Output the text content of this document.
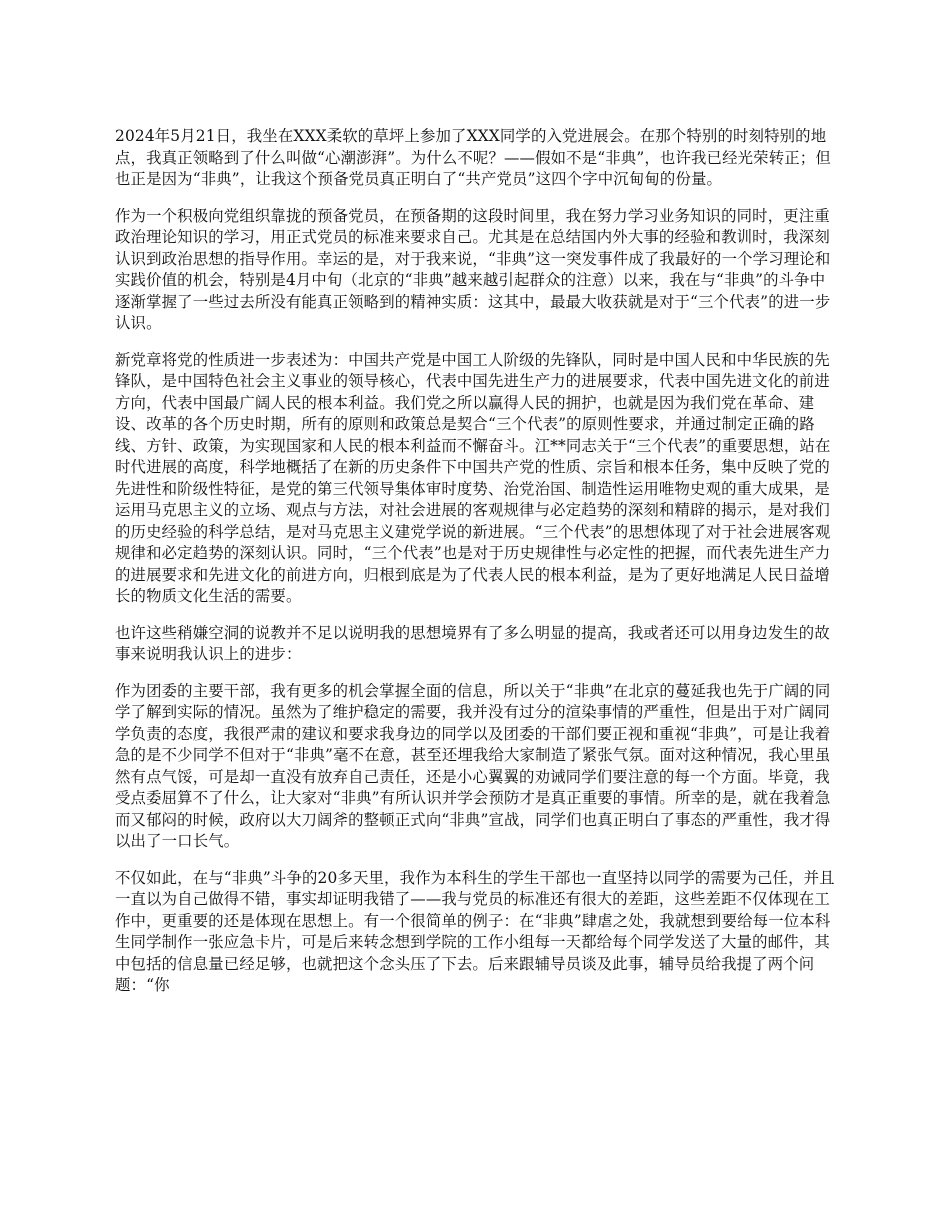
2024年5月21日，我坐在XXX柔软的草坪上参加了XXX同学的入党进展会。在那个特别的时刻特别的地点，我真正领略到了什么叫做“心潮澎湃”。为什么不呢？——假如不是“非典”，也许我已经光荣转正；但也正是因为“非典”，让我这个预备党员真正明白了“共产党员”这四个字中沉甸甸的份量。

作为一个积极向党组织靠拢的预备党员，在预备期的这段时间里，我在努力学习业务知识的同时，更注重政治理论知识的学习，用正式党员的标准来要求自己。尤其是在总结国内外大事的经验和教训时，我深刻认识到政治思想的指导作用。幸运的是，对于我来说，“非典”这一突发事件成了我最好的一个学习理论和实践价值的机会，特别是4月中旬（北京的“非典”越来越引起群众的注意）以来，我在与“非典”的斗争中逐渐掌握了一些过去所没有能真正领略到的精神实质：这其中，最最大收获就是对于“三个代表”的进一步认识。

新党章将党的性质进一步表述为：中国共产党是中国工人阶级的先锋队，同时是中国人民和中华民族的先锋队，是中国特色社会主义事业的领导核心，代表中国先进生产力的进展要求，代表中国先进文化的前进方向，代表中国最广阔人民的根本利益。我们党之所以赢得人民的拥护，也就是因为我们党在革命、建设、改革的各个历史时期，所有的原则和政策总是契合“三个代表”的原则性要求，并通过制定正确的路线、方针、政策，为实现国家和人民的根本利益而不懈奋斗。江**同志关于“三个代表”的重要思想，站在时代进展的高度，科学地概括了在新的历史条件下中国共产党的性质、宗旨和根本任务，集中反映了党的先进性和阶级性特征，是党的第三代领导集体审时度势、治党治国、制造性运用唯物史观的重大成果，是运用马克思主义的立场、观点与方法，对社会进展的客观规律与必定趋势的深刻和精辟的揭示，是对我们的历史经验的科学总结，是对马克思主义建党学说的新进展。“三个代表”的思想体现了对于社会进展客观规律和必定趋势的深刻认识。同时，“三个代表”也是对于历史规律性与必定性的把握，而代表先进生产力的进展要求和先进文化的前进方向，归根到底是为了代表人民的根本利益，是为了更好地满足人民日益增长的物质文化生活的需要。

也许这些稍嫌空洞的说教并不足以说明我的思想境界有了多么明显的提高，我或者还可以用身边发生的故事来说明我认识上的进步：

作为团委的主要干部，我有更多的机会掌握全面的信息，所以关于“非典”在北京的蔓延我也先于广阔的同学了解到实际的情况。虽然为了维护稳定的需要，我并没有过分的渲染事情的严重性，但是出于对广阔同学负责的态度，我很严肃的建议和要求我身边的同学以及团委的干部们要正视和重视“非典”，可是让我着急的是不少同学不但对于“非典”毫不在意，甚至还埋我给大家制造了紧张气氛。面对这种情况，我心里虽然有点气馁，可是却一直没有放弃自己责任，还是小心翼翼的劝诫同学们要注意的每一个方面。毕竟，我受点委屈算不了什么，让大家对“非典”有所认识并学会预防才是真正重要的事情。所幸的是，就在我着急而又郁闷的时候，政府以大刀阔斧的整顿正式向“非典”宣战，同学们也真正明白了事态的严重性，我才得以出了一口长气。

不仅如此，在与“非典”斗争的20多天里，我作为本科生的学生干部也一直坚持以同学的需要为己任，并且一直以为自己做得不错，事实却证明我错了——我与党员的标准还有很大的差距，这些差距不仅体现在工作中，更重要的还是体现在思想上。有一个很简单的例子：在“非典”肆虐之处，我就想到要给每一位本科生同学制作一张应急卡片，可是后来转念想到学院的工作小组每一天都给每个同学发送了大量的邮件，其中包括的信息量已经足够，也就把这个念头压了下去。后来跟辅导员谈及此事，辅导员给我提了两个问题：“你
